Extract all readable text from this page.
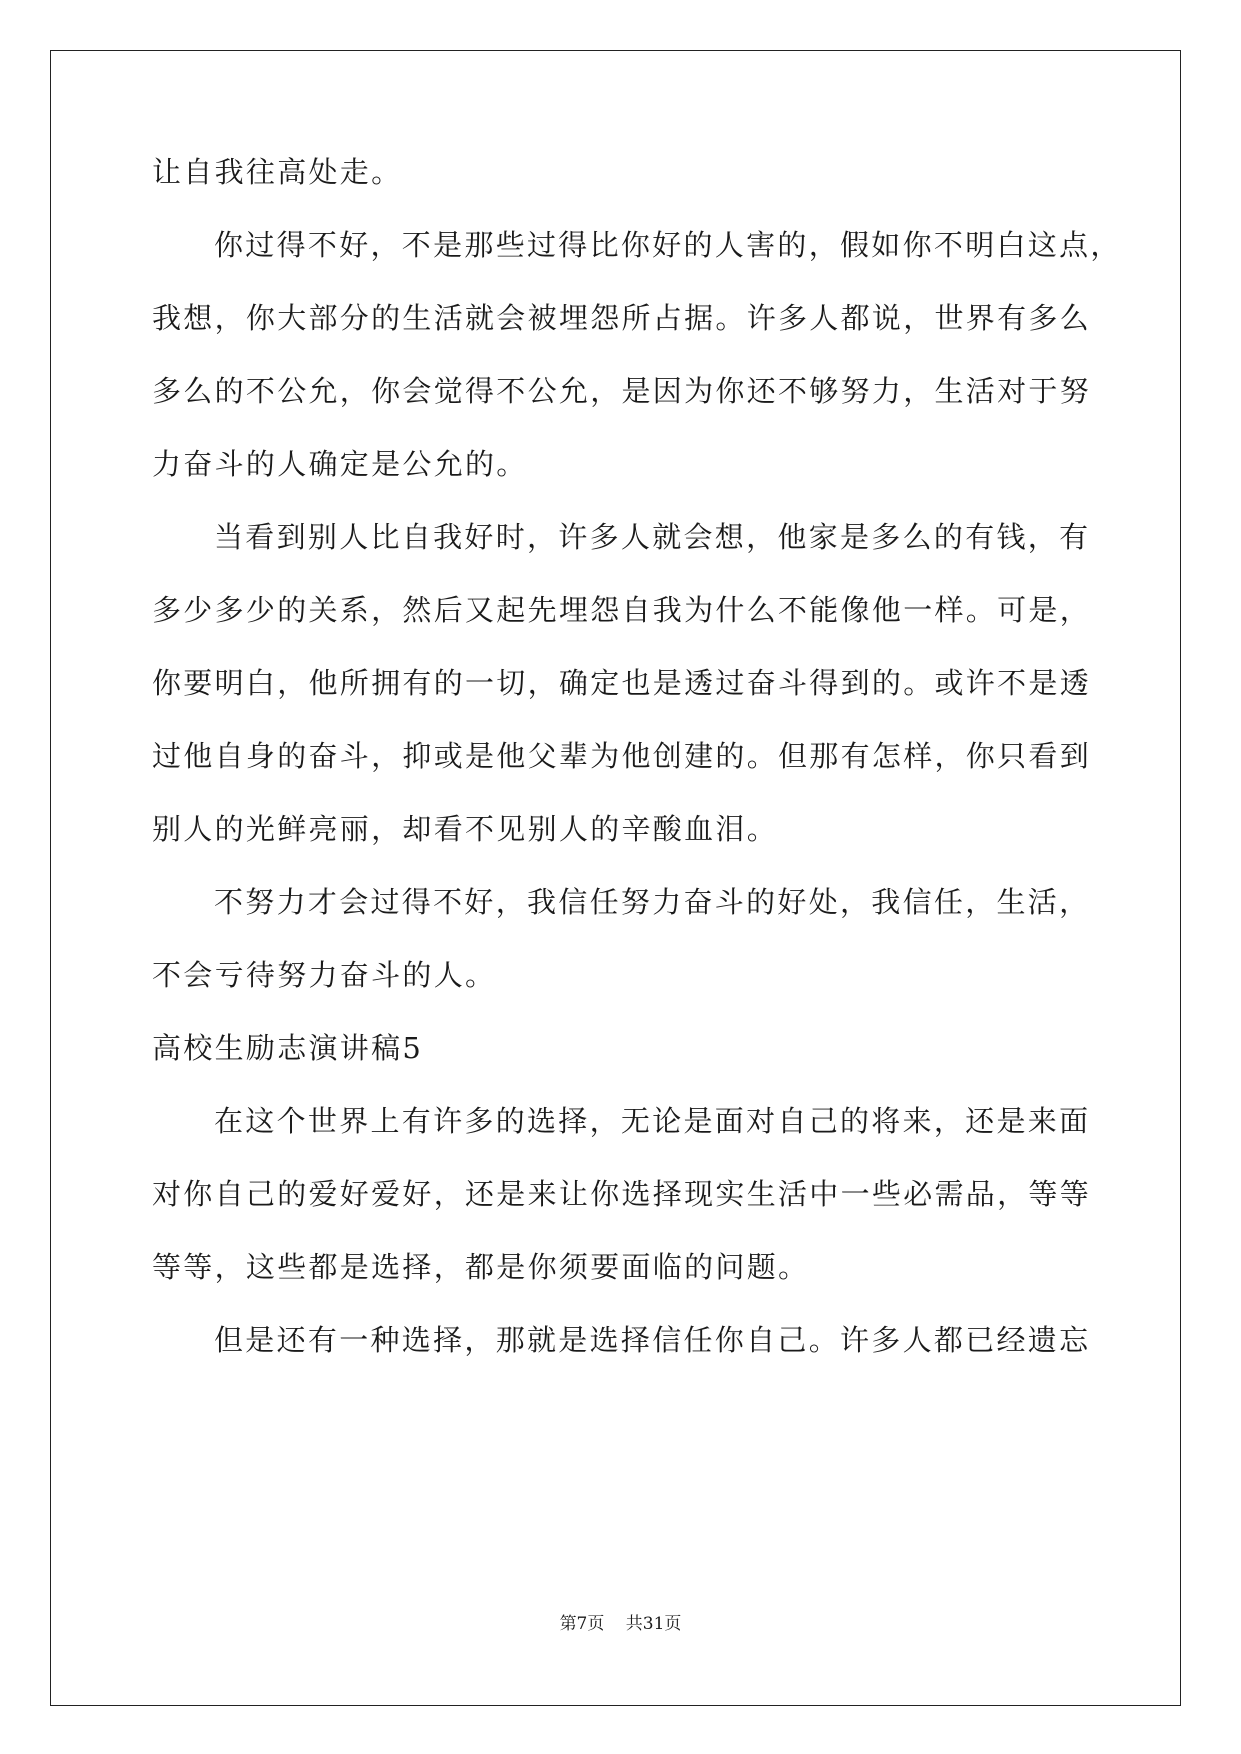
让自我往高处走。
你过得不好，不是那些过得比你好的人害的，假如你不明白这点，
我想，你大部分的生活就会被埋怨所占据。许多人都说，世界有多么
多么的不公允，你会觉得不公允，是因为你还不够努力，生活对于努
力奋斗的人确定是公允的。
当看到别人比自我好时，许多人就会想，他家是多么的有钱，有
多少多少的关系，然后又起先埋怨自我为什么不能像他一样。可是，
你要明白，他所拥有的一切，确定也是透过奋斗得到的。或许不是透
过他自身的奋斗，抑或是他父辈为他创建的。但那有怎样，你只看到
别人的光鲜亮丽，却看不见别人的辛酸血泪。
不努力才会过得不好，我信任努力奋斗的好处，我信任，生活，
不会亏待努力奋斗的人。
高校生励志演讲稿5
在这个世界上有许多的选择，无论是面对自己的将来，还是来面
对你自己的爱好爱好，还是来让你选择现实生活中一些必需品，等等
等等，这些都是选择，都是你须要面临的问题。
但是还有一种选择，那就是选择信任你自己。许多人都已经遗忘
第7页 共31页
